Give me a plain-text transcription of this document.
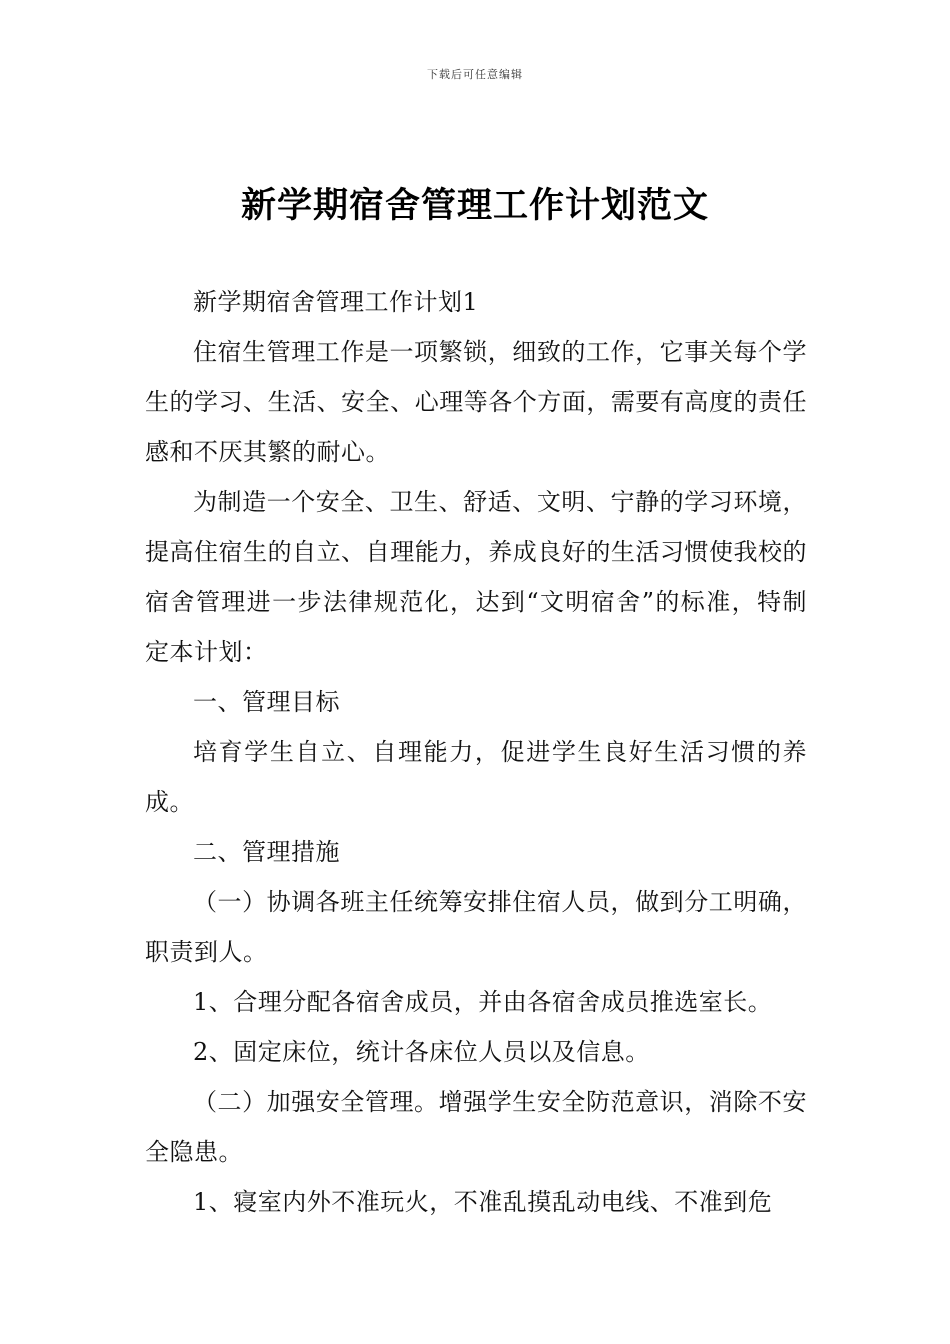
下载后可任意编辑
新学期宿舍管理工作计划范文

新学期宿舍管理工作计划1

住宿生管理工作是一项繁锁，细致的工作，它事关每个学生的学习、生活、安全、心理等各个方面，需要有高度的责任感和不厌其繁的耐心。

为制造一个安全、卫生、舒适、文明、宁静的学习环境，提高住宿生的自立、自理能力，养成良好的生活习惯使我校的宿舍管理进一步法律规范化，达到“文明宿舍”的标准，特制定本计划：

一、管理目标

培育学生自立、自理能力，促进学生良好生活习惯的养成。

二、管理措施

（一）协调各班主任统筹安排住宿人员，做到分工明确，职责到人。

1、合理分配各宿舍成员，并由各宿舍成员推选室长。

2、固定床位，统计各床位人员以及信息。

（二）加强安全管理。增强学生安全防范意识，消除不安全隐患。

1、寝室内外不准玩火，不准乱摸乱动电线、不准到危
